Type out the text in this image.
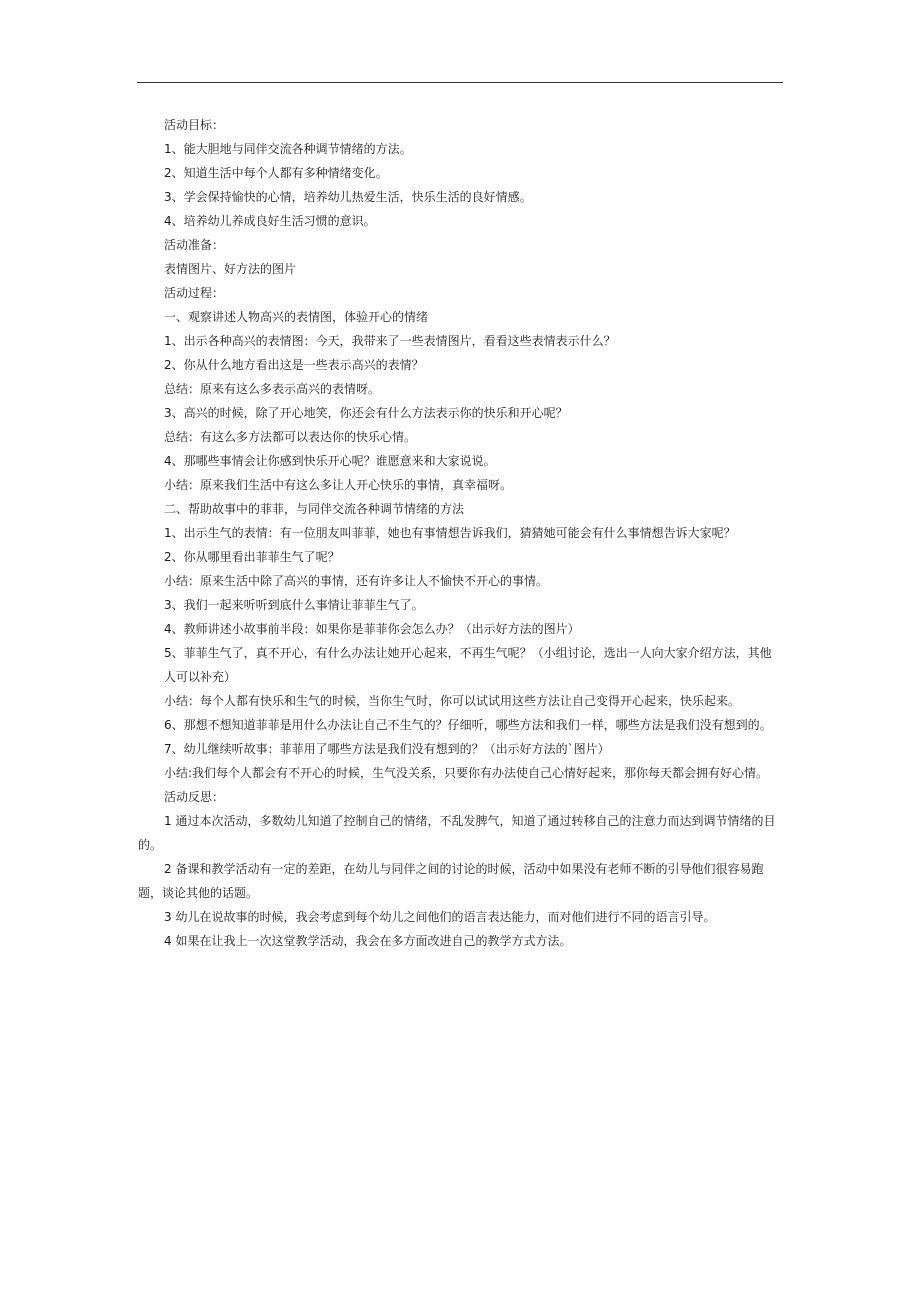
活动目标：
1、能大胆地与同伴交流各种调节情绪的方法。
2、知道生活中每个人都有多种情绪变化。
3、学会保持愉快的心情，培养幼儿热爱生活，快乐生活的良好情感。
4、培养幼儿养成良好生活习惯的意识。
活动准备：
表情图片、好方法的图片
活动过程：
一、观察讲述人物高兴的表情图，体验开心的情绪
1、出示各种高兴的表情图：今天，我带来了一些表情图片，看看这些表情表示什么？
2、你从什么地方看出这是一些表示高兴的表情？
总结：原来有这么多表示高兴的表情呀。
3、高兴的时候，除了开心地笑，你还会有什么方法表示你的快乐和开心呢？
总结：有这么多方法都可以表达你的快乐心情。
4、那哪些事情会让你感到快乐开心呢？谁愿意来和大家说说。
小结：原来我们生活中有这么多让人开心快乐的事情，真幸福呀。
二、帮助故事中的菲菲，与同伴交流各种调节情绪的方法
1、出示生气的表情：有一位朋友叫菲菲，她也有事情想告诉我们，猜猜她可能会有什么事情想告诉大家呢？
2、你从哪里看出菲菲生气了呢？
小结：原来生活中除了高兴的事情，还有许多让人不愉快不开心的事情。
3、我们一起来听听到底什么事情让菲菲生气了。
4、教师讲述小故事前半段：如果你是菲菲你会怎么办？（出示好方法的图片）
5、菲菲生气了，真不开心，有什么办法让她开心起来，不再生气呢？（小组讨论，选出一人向大家介绍方法，其他人可以补充）
小结：每个人都有快乐和生气的时候，当你生气时，你可以试试用这些方法让自己变得开心起来，快乐起来。
6、那想不想知道菲菲是用什么办法让自己不生气的？仔细听，哪些方法和我们一样，哪些方法是我们没有想到的。
7、幼儿继续听故事：菲菲用了哪些方法是我们没有想到的？（出示好方法的`图片）
小结:我们每个人都会有不开心的时候，生气没关系，只要你有办法使自己心情好起来，那你每天都会拥有好心情。
活动反思：
1 通过本次活动，多数幼儿知道了控制自己的情绪，不乱发脾气，知道了通过转移自己的注意力而达到调节情绪的目的。
2 备课和教学活动有一定的差距，在幼儿与同伴之间的讨论的时候，活动中如果没有老师不断的引导他们很容易跑题，谈论其他的话题。
3 幼儿在说故事的时候，我会考虑到每个幼儿之间他们的语言表达能力，而对他们进行不同的语言引导。
4 如果在让我上一次这堂教学活动，我会在多方面改进自己的教学方式方法。
